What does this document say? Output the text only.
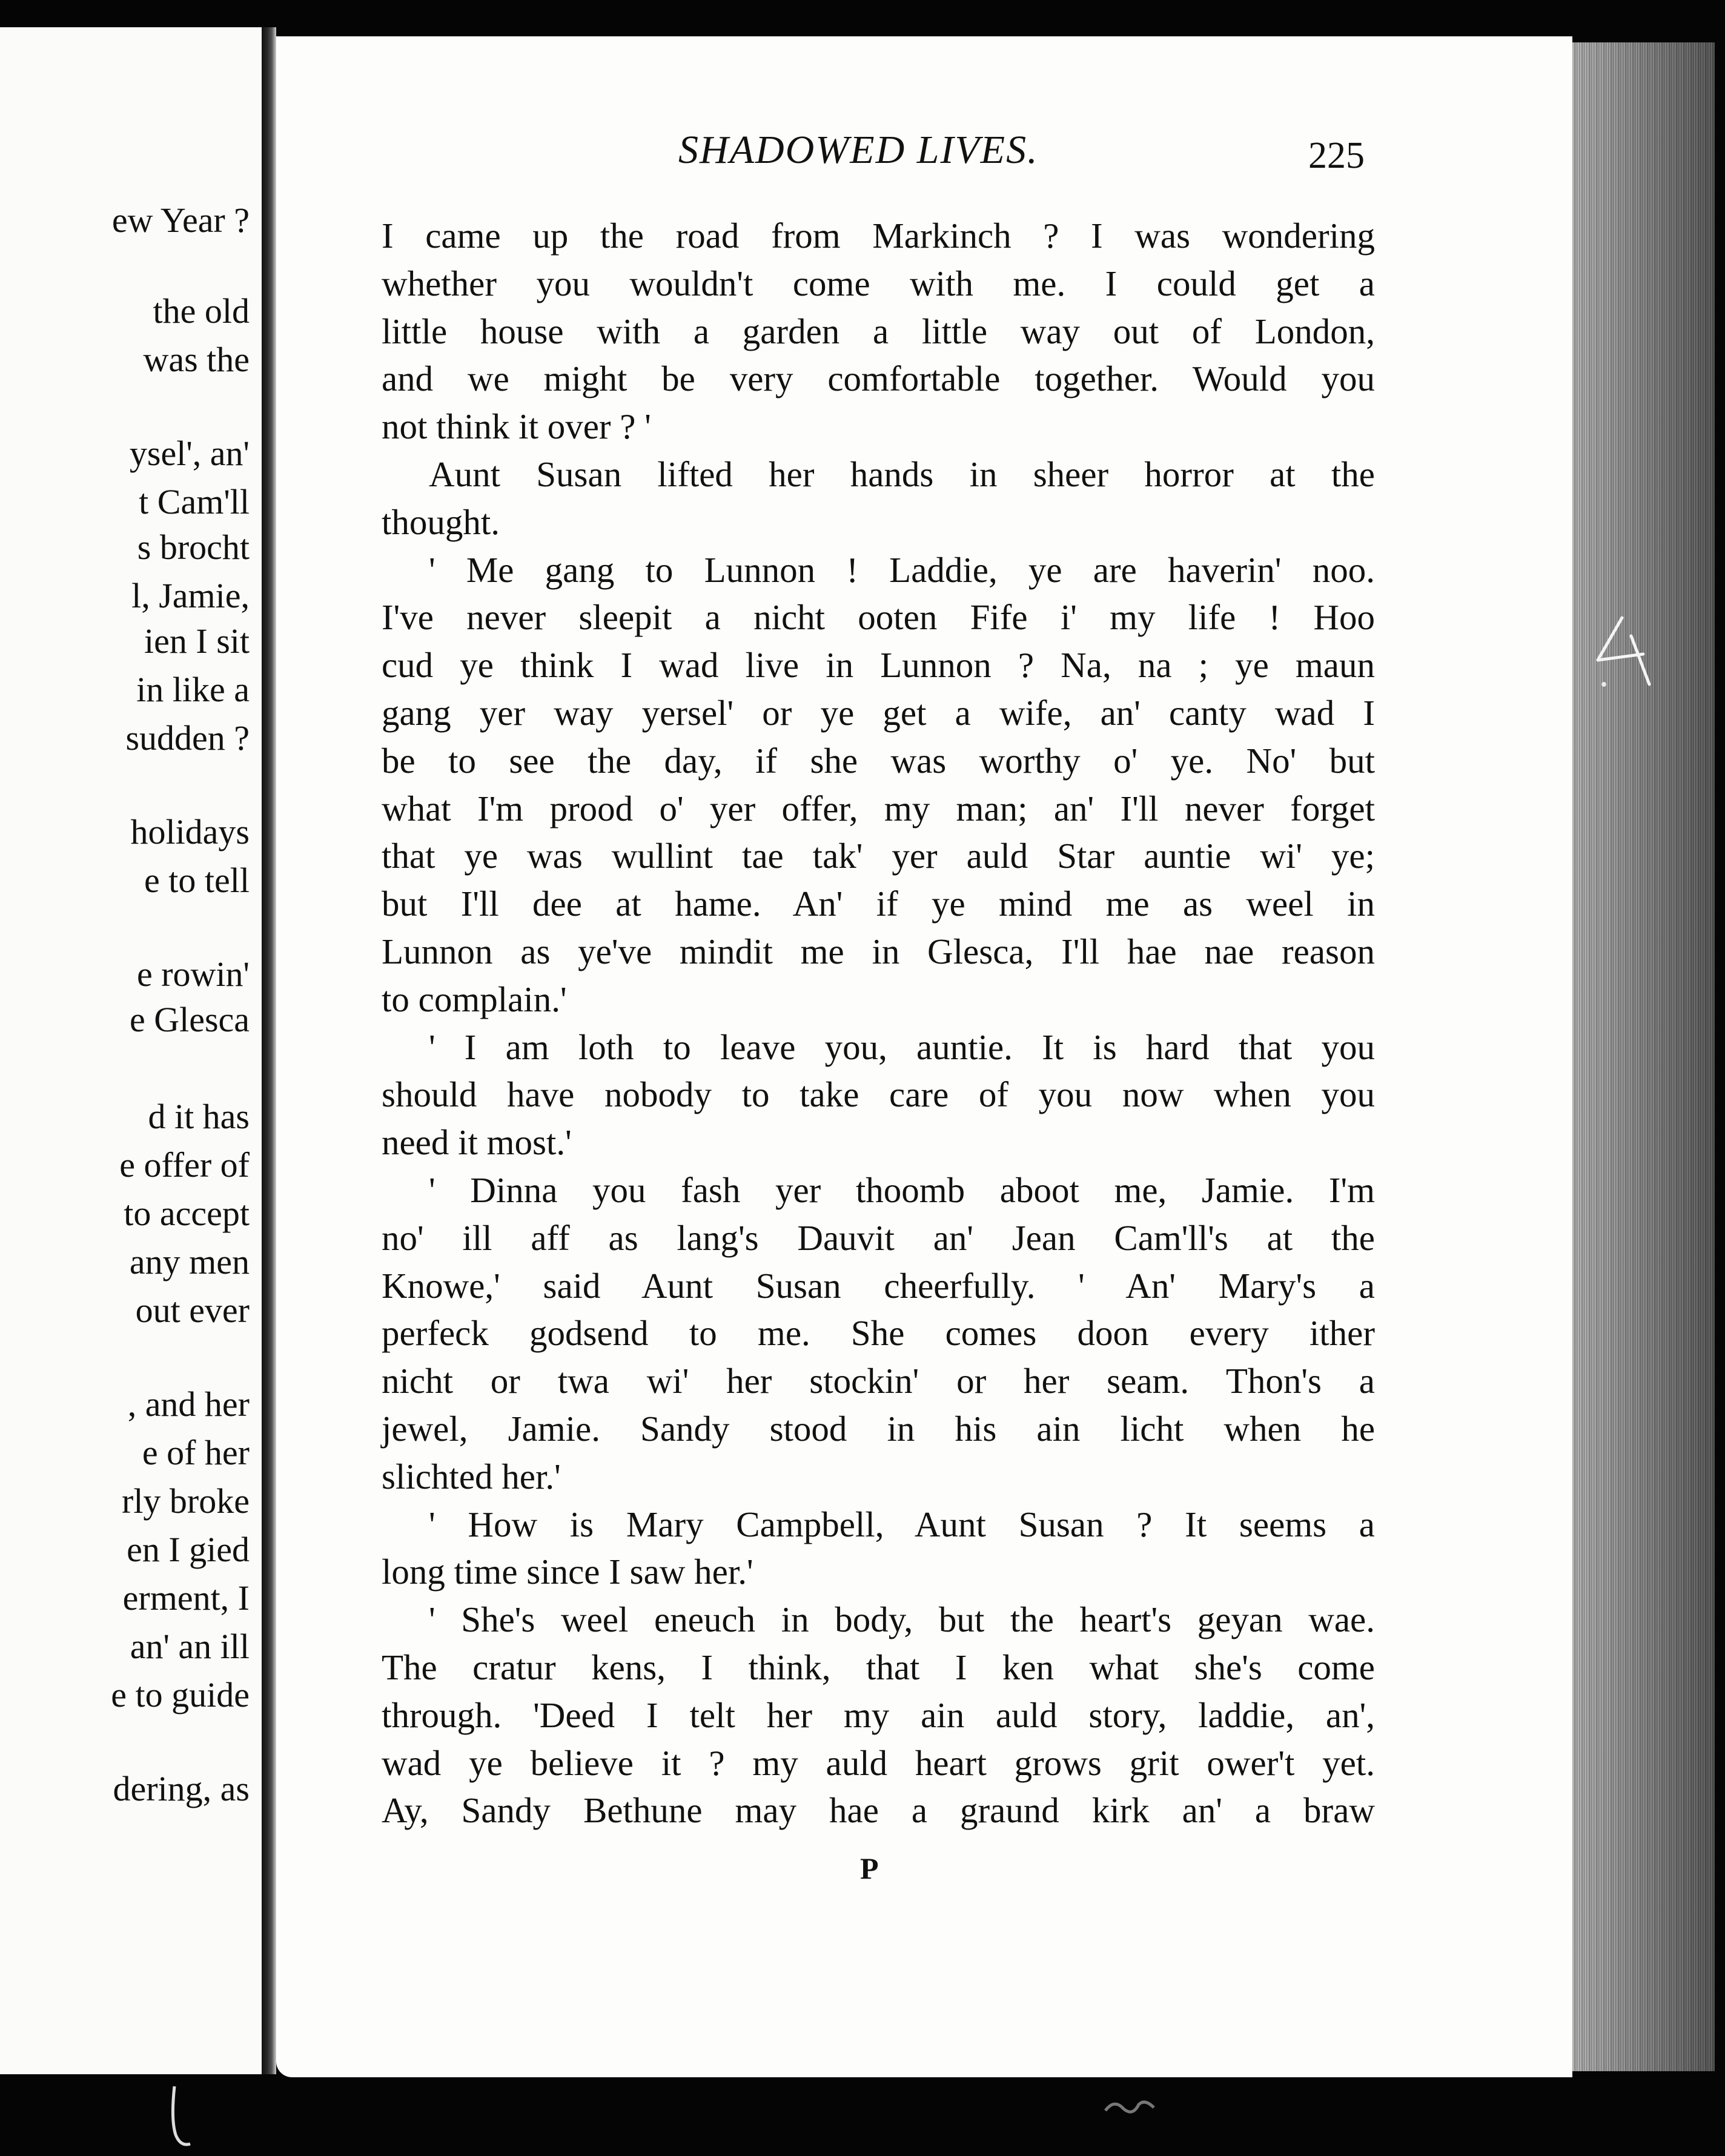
ew Year ?
the old
was the
ysel', an'
t Cam'll
s brocht
l, Jamie,
ien I sit
in like a
sudden ?
holidays
e to tell
e rowin'
e Glesca
d it has
e offer of
to accept
any men
out ever
, and her
e of her
rly broke
en I gied
erment, I
an' an ill
e to guide
dering, as
SHADOWED LIVES.	225
I came up the road from Markinch ? I was wondering
whether you wouldn't come with me. I could get a
little house with a garden a little way out of London,
and we might be very comfortable together. Would you
not think it over ? '
Aunt Susan lifted her hands in sheer horror at the
thought.
' Me gang to Lunnon ! Laddie, ye are haverin' noo.
I've never sleepit a nicht ooten Fife i' my life ! Hoo
cud ye think I wad live in Lunnon ? Na, na ; ye maun
gang yer way yersel' or ye get a wife, an' canty wad I
be to see the day, if she was worthy o' ye. No' but
what I'm prood o' yer offer, my man; an' I'll never forget
that ye was wullint tae tak' yer auld Star auntie wi' ye;
but I'll dee at hame. An' if ye mind me as weel in
Lunnon as ye've mindit me in Glesca, I'll hae nae reason
to complain.'
' I am loth to leave you, auntie. It is hard that you
should have nobody to take care of you now when you
need it most.'
' Dinna you fash yer thoomb aboot me, Jamie. I'm
no' ill aff as lang's Dauvit an' Jean Cam'll's at the
Knowe,' said Aunt Susan cheerfully. ' An' Mary's a
perfeck godsend to me. She comes doon every ither
nicht or twa wi' her stockin' or her seam. Thon's a
jewel, Jamie. Sandy stood in his ain licht when he
slichted her.'
' How is Mary Campbell, Aunt Susan ? It seems a
long time since I saw her.'
' She's weel eneuch in body, but the heart's geyan wae.
The cratur kens, I think, that I ken what she's come
through. 'Deed I telt her my ain auld story, laddie, an',
wad ye believe it ? my auld heart grows grit ower't yet.
Ay, Sandy Bethune may hae a graund kirk an' a braw
P
